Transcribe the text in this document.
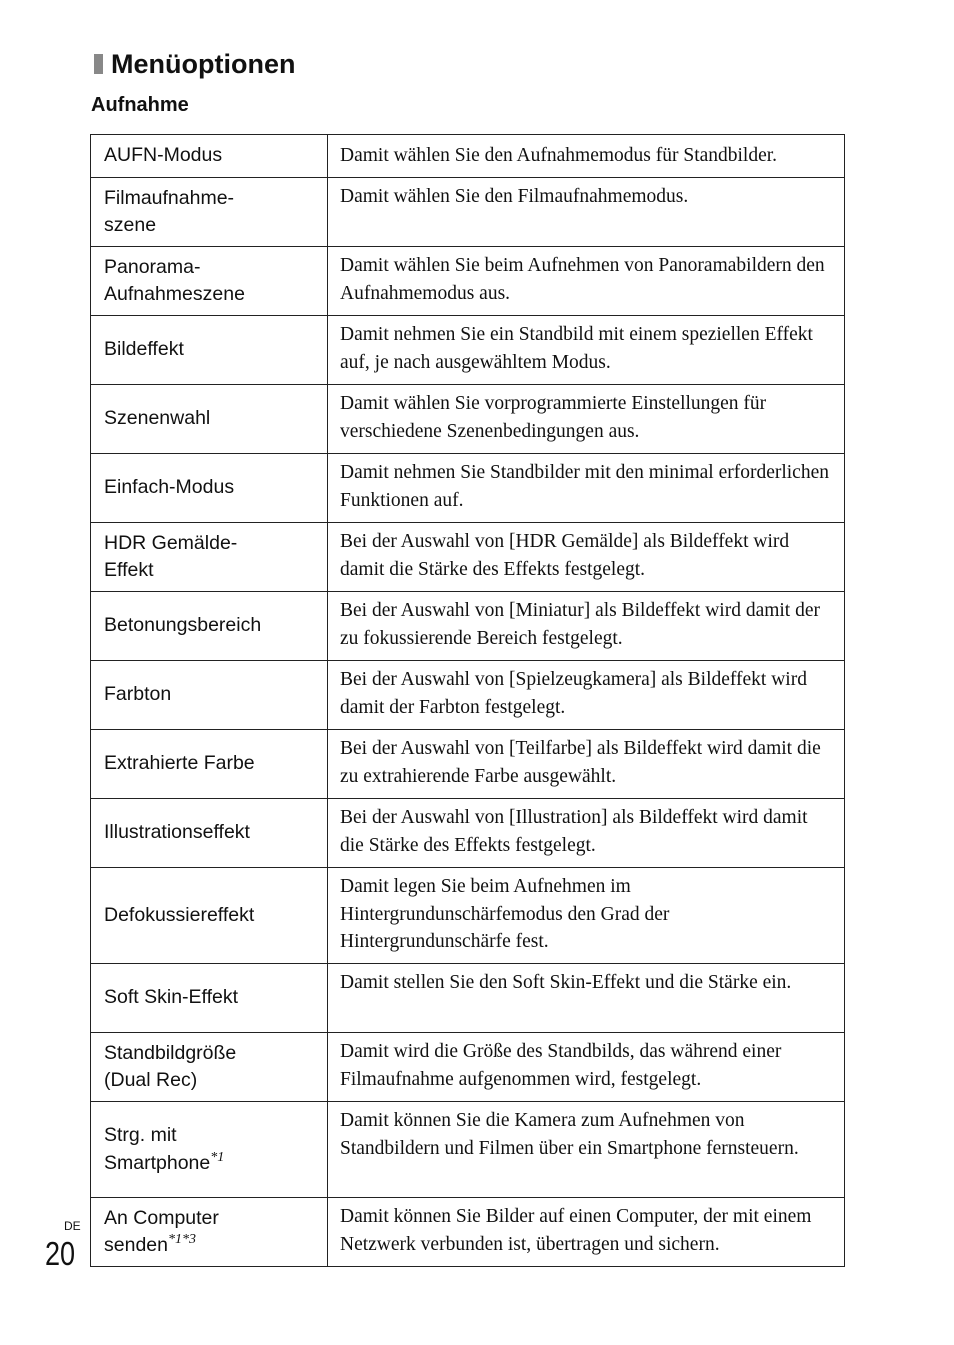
Menüoptionen
Aufnahme
AUFN-Modus	Damit wählen Sie den Aufnahmemodus für Standbilder.
Filmaufnahme-
szene	Damit wählen Sie den Filmaufnahmemodus.
Panorama-
Aufnahmeszene	Damit wählen Sie beim Aufnehmen von Panoramabildern den Aufnahmemodus aus.
Bildeffekt	Damit nehmen Sie ein Standbild mit einem speziellen Effekt auf, je nach ausgewähltem Modus.
Szenenwahl	Damit wählen Sie vorprogrammierte Einstellungen für verschiedene Szenenbedingungen aus.
Einfach-Modus	Damit nehmen Sie Standbilder mit den minimal erforderlichen Funktionen auf.
HDR Gemälde-
Effekt	Bei der Auswahl von [HDR Gemälde] als Bildeffekt wird damit die Stärke des Effekts festgelegt.
Betonungsbereich	Bei der Auswahl von [Miniatur] als Bildeffekt wird damit der zu fokussierende Bereich festgelegt.
Farbton	Bei der Auswahl von [Spielzeugkamera] als Bildeffekt wird damit der Farbton festgelegt.
Extrahierte Farbe	Bei der Auswahl von [Teilfarbe] als Bildeffekt wird damit die zu extrahierende Farbe ausgewählt.
Illustrationseffekt	Bei der Auswahl von [Illustration] als Bildeffekt wird damit die Stärke des Effekts festgelegt.
Defokussiereffekt	Damit legen Sie beim Aufnehmen im Hintergrundunschärfemodus den Grad der Hintergrundunschärfe fest.
Soft Skin-Effekt	Damit stellen Sie den Soft Skin-Effekt und die Stärke ein.
Standbildgröße
(Dual Rec)	Damit wird die Größe des Standbilds, das während einer Filmaufnahme aufgenommen wird, festgelegt.
Strg. mit
Smartphone$^{*1}$	Damit können Sie die Kamera zum Aufnehmen von Standbildern und Filmen über ein Smartphone fernsteuern.
An Computer
senden$^{*1*3}$	Damit können Sie Bilder auf einen Computer, der mit einem Netzwerk verbunden ist, übertragen und sichern.
DE
20
